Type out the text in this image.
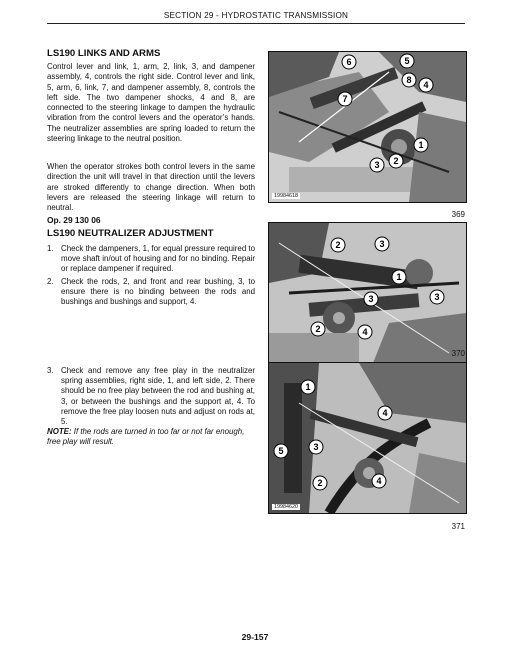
SECTION 29 - HYDROSTATIC TRANSMISSION
LS190 LINKS AND ARMS
Control lever and link, 1, arm, 2, link, 3, and dampener assembly, 4, controls the right side. Control lever and link, 5, arm, 6, link, 7, and dampener assembly, 8, controls the left side. The two dampener shocks, 4 and 8, are connected to the steering linkage to dampen the hydraulic vibration from the control levers and the operator’s hands. The neutralizer assemblies are spring loaded to return the steering linkage to the neutral position.
When the operator strokes both control levers in the same direction the unit will travel in that direction until the levers are stroked differently to change direction. When both levers are released the steering linkage will return to neutral.
Op. 29 130 06
LS190 NEUTRALIZER ADJUSTMENT
1. Check the dampeners, 1, for equal pressure required to move shaft in/out of housing and for no binding. Repair or replace dampener if required.
2. Check the rods, 2, and front and rear bushing, 3, to ensure there is no binding between the rods and bushings and bushings and support, 4.
3. Check and remove any free play in the neutralizer spring assemblies, right side, 1, and left side, 2. There should be no free play between the rod and bushing at, 3, or between the bushings and the support at, 4. To remove the free play loosen nuts and adjust on rods at, 5.
NOTE: If the rods are turned in too far or not far enough, free play will result.
6	5
8 4
7
1
3 2
19984618
369
2	3
1
3	3
2	4
370
1
4
5	3
2	4
19984620
371
29-157
